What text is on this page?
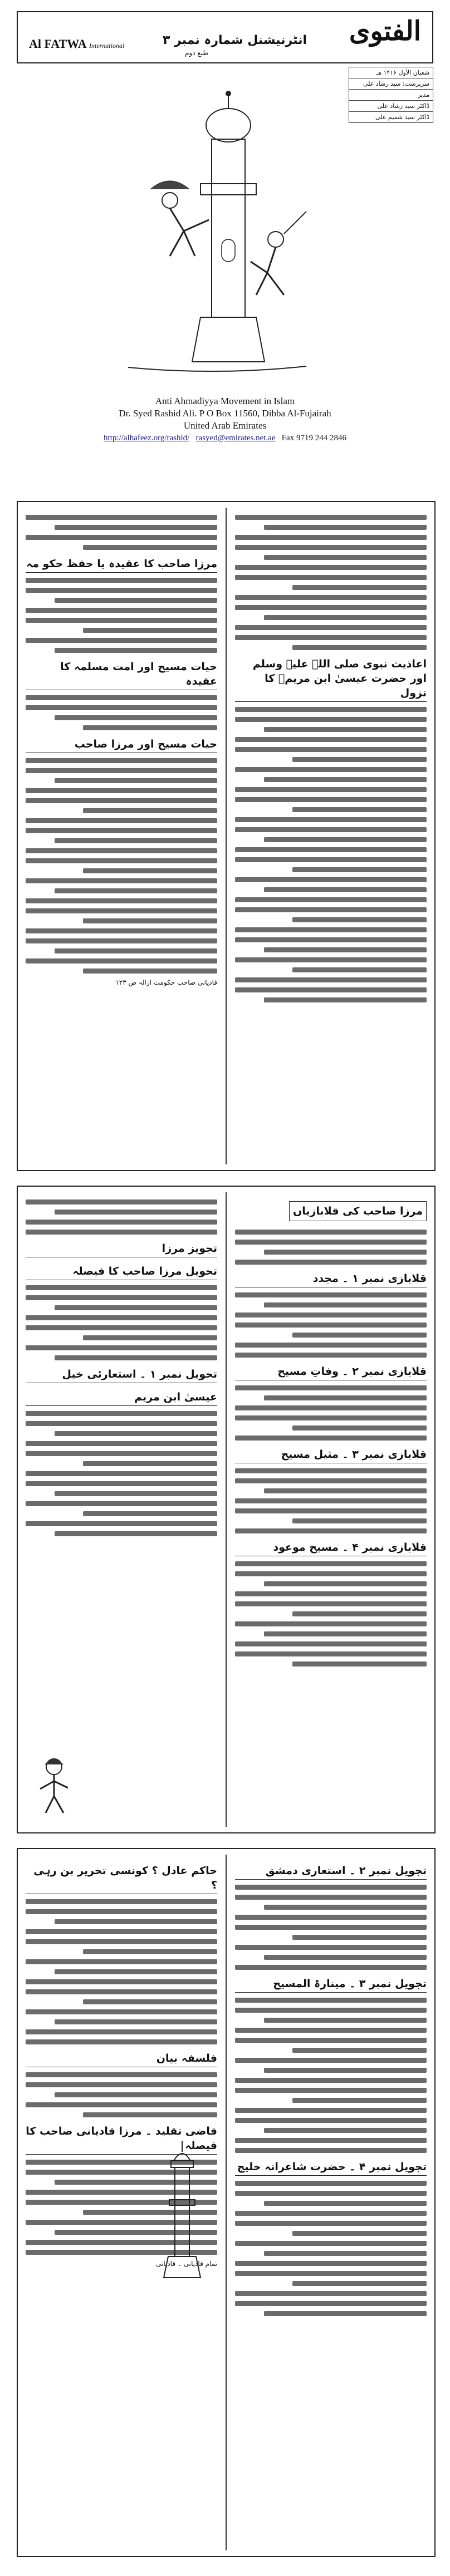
الفتوى
Al FATWA International	انٹرنیشنل شمارہ نمبر ۳
طبع دوم
شعبان الأول ۱۴۱۶ هـ
سرپرست: سید رشاد علی
مدیر
ڈاکٹر سید رشاد علی
ڈاکٹر سید شمیم علی
Anti Ahmadiyya Movement in Islam
Dr. Syed Rashid Ali. P O Box 11560, Dibba Al-Fujairah
United Arab Emirates
http://alhafeez.org/rashid/ rasyed@emirates.net.ae Fax 9719 244 2846
اعاذیث نبوی صلی اللہ علیہ وسلم اور حضرت عیسیٰ ابن مریمؑ کا نزول
مرزا صاحب کا عقیدہ یا حفظ حکو مہ
حیات مسیح اور امت مسلمہ کا عقیدہ
حیات مسیح اور مرزا صاحب
قادیانی صاحب حکومت ازالہ ص ۱۲۳
مرزا صاحب کی قلابازیاں
قلابازی نمبر ۱ ۔ مجدد
قلابازی نمبر ۲ ۔ وفاتِ مسیح
قلابازی نمبر ۳ ۔ مثیل مسیح
قلابازی نمبر ۴ ۔ مسیح موعود
تجویز مرزا
تحویل مرزا صاحب کا فیصلہ
تحویل نمبر ۱ ۔ استعارئی خیل
عیسیٰ ابن مریم
تجویل نمبر ۲ ۔ استعاری دمشق
تجویل نمبر ۳ ۔ مینارۃ المسیح
تجویل نمبر ۴ ۔ حضرت شاعرانہ خلیج
حاکم عادل ؟ کونسی تحریر بن رہی ؟
فلسفہ بیان
قاضی تقلید ۔ مرزا قادیانی صاحب کا فیصلہ
تمام قادیانی ۔ قادیانی
